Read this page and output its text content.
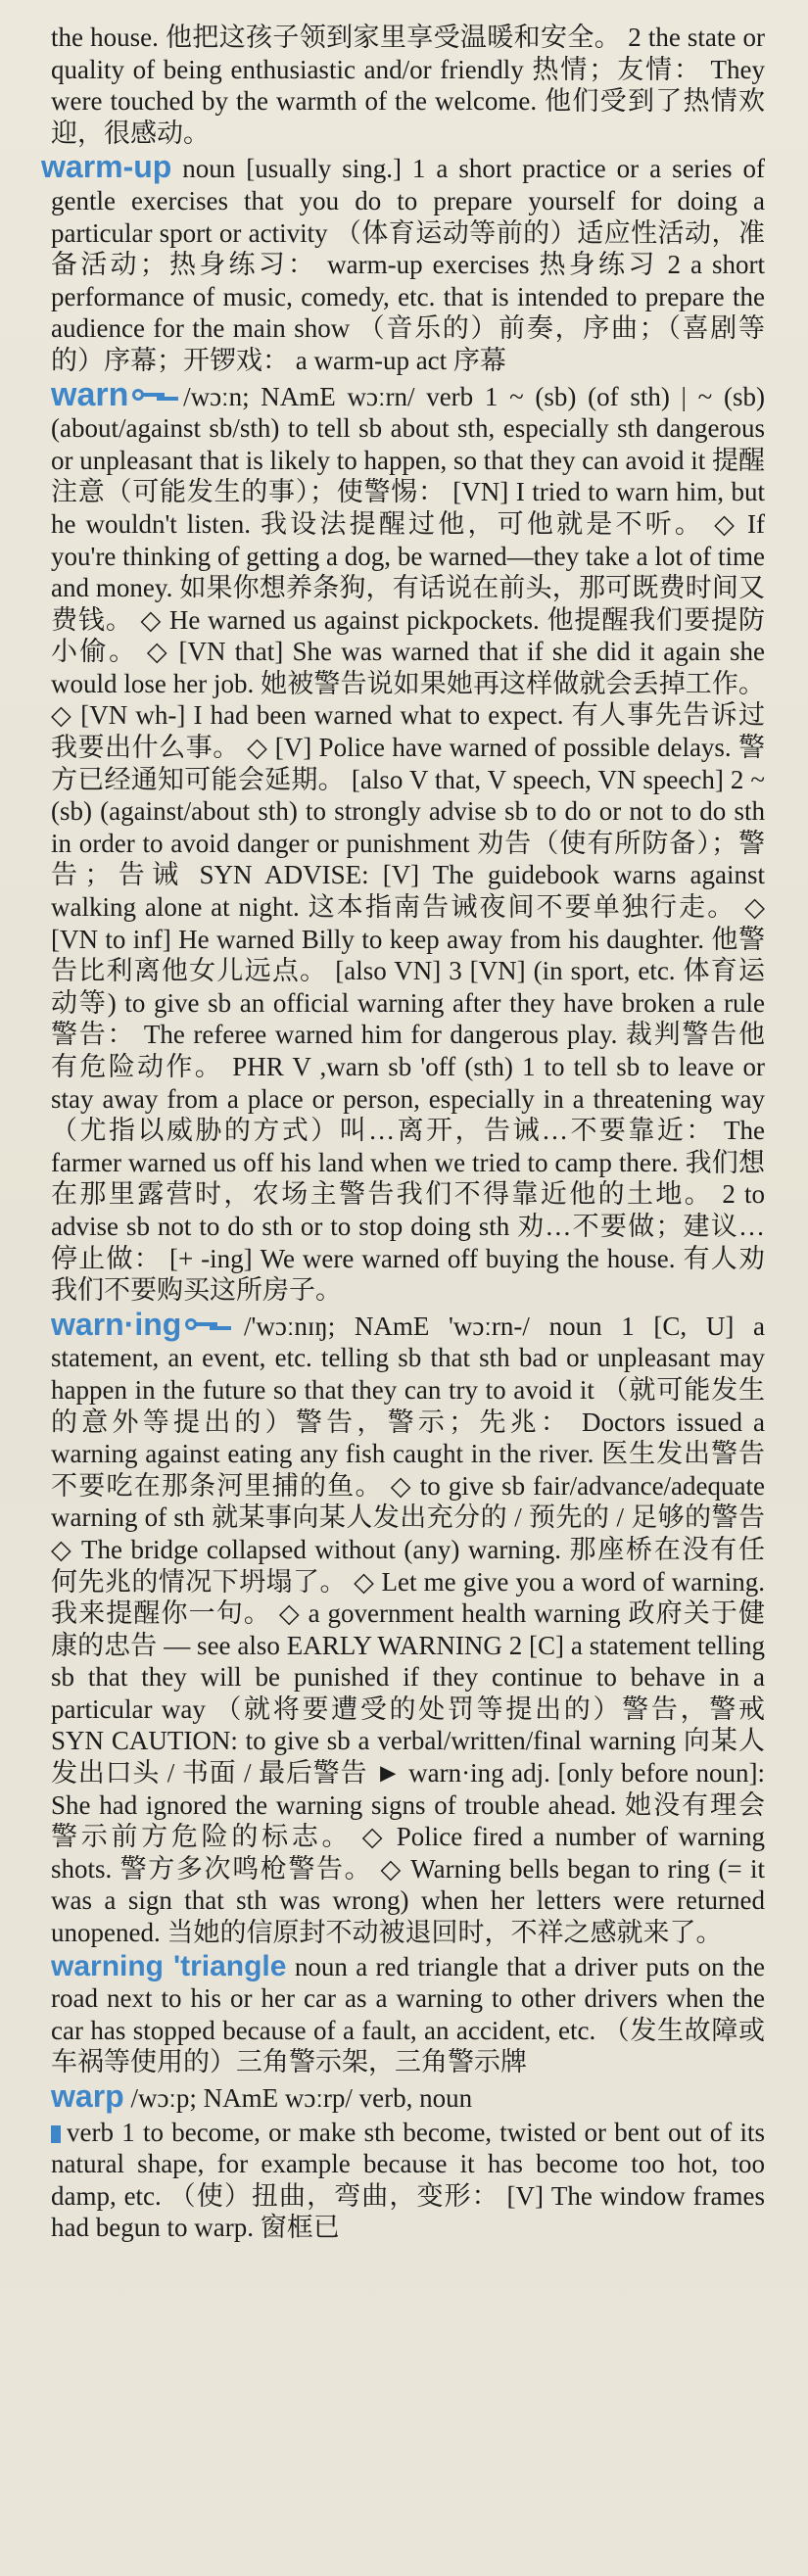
the house. 他把这孩子领到家里享受温暖和安全。 2 the state or quality of being enthusiastic and/or friendly 热情；友情： They were touched by the warmth of the welcome. 他们受到了热情欢迎，很感动。

warm-up noun [usually sing.] 1 a short practice or a series of gentle exercises that you do to prepare yourself for doing a particular sport or activity （体育运动等前的）适应性活动，准备活动；热身练习： warm-up exercises 热身练习 2 a short performance of music, comedy, etc. that is intended to prepare the audience for the main show （音乐的）前奏，序曲；（喜剧等的）序幕；开锣戏： a warm-up act 序幕

warn /wɔːn; NAmE wɔːrn/ verb 1 ~ (sb) (of sth) | ~ (sb) (about/against sb/sth) to tell sb about sth, especially sth dangerous or unpleasant that is likely to happen, so that they can avoid it 提醒注意（可能发生的事）；使警惕： [VN] I tried to warn him, but he wouldn't listen. 我设法提醒过他，可他就是不听。 ◇ If you're thinking of getting a dog, be warned—they take a lot of time and money. 如果你想养条狗，有话说在前头，那可既费时间又费钱。 ◇ He warned us against pickpockets. 他提醒我们要提防小偷。 ◇ [VN that] She was warned that if she did it again she would lose her job. 她被警告说如果她再这样做就会丢掉工作。 ◇ [VN wh-] I had been warned what to expect. 有人事先告诉过我要出什么事。 ◇ [V] Police have warned of possible delays. 警方已经通知可能会延期。 [also V that, V speech, VN speech] 2 ~ (sb) (against/about sth) to strongly advise sb to do or not to do sth in order to avoid danger or punishment 劝告（使有所防备）；警告；告诫 SYN ADVISE: [V] The guidebook warns against walking alone at night. 这本指南告诫夜间不要单独行走。 ◇ [VN to inf] He warned Billy to keep away from his daughter. 他警告比利离他女儿远点。 [also VN] 3 [VN] (in sport, etc. 体育运动等) to give sb an official warning after they have broken a rule 警告： The referee warned him for dangerous play. 裁判警告他有危险动作。 PHR V ,warn sb 'off (sth) 1 to tell sb to leave or stay away from a place or person, especially in a threatening way （尤指以威胁的方式）叫…离开，告诫…不要靠近： The farmer warned us off his land when we tried to camp there. 我们想在那里露营时，农场主警告我们不得靠近他的土地。 2 to advise sb not to do sth or to stop doing sth 劝…不要做；建议…停止做： [+ -ing] We were warned off buying the house. 有人劝我们不要购买这所房子。

warn·ing /'wɔːnɪŋ; NAmE 'wɔːrn-/ noun 1 [C, U] a statement, an event, etc. telling sb that sth bad or unpleasant may happen in the future so that they can try to avoid it （就可能发生的意外等提出的）警告，警示；先兆： Doctors issued a warning against eating any fish caught in the river. 医生发出警告不要吃在那条河里捕的鱼。 ◇ to give sb fair/advance/adequate warning of sth 就某事向某人发出充分的 / 预先的 / 足够的警告 ◇ The bridge collapsed without (any) warning. 那座桥在没有任何先兆的情况下坍塌了。 ◇ Let me give you a word of warning. 我来提醒你一句。 ◇ a government health warning 政府关于健康的忠告 — see also EARLY WARNING 2 [C] a statement telling sb that they will be punished if they continue to behave in a particular way （就将要遭受的处罚等提出的）警告，警戒 SYN CAUTION: to give sb a verbal/written/final warning 向某人发出口头 / 书面 / 最后警告 ► warn·ing adj. [only before noun]: She had ignored the warning signs of trouble ahead. 她没有理会警示前方危险的标志。 ◇ Police fired a number of warning shots. 警方多次鸣枪警告。 ◇ Warning bells began to ring (= it was a sign that sth was wrong) when her letters were returned unopened. 当她的信原封不动被退回时，不祥之感就来了。

warning 'triangle noun a red triangle that a driver puts on the road next to his or her car as a warning to other drivers when the car has stopped because of a fault, an accident, etc. （发生故障或车祸等使用的）三角警示架，三角警示牌

warp /wɔːp; NAmE wɔːrp/ verb, noun

verb 1 to become, or make sth become, twisted or bent out of its natural shape, for example because it has become too hot, too damp, etc. （使）扭曲，弯曲，变形： [V] The window frames had begun to warp. 窗框已
